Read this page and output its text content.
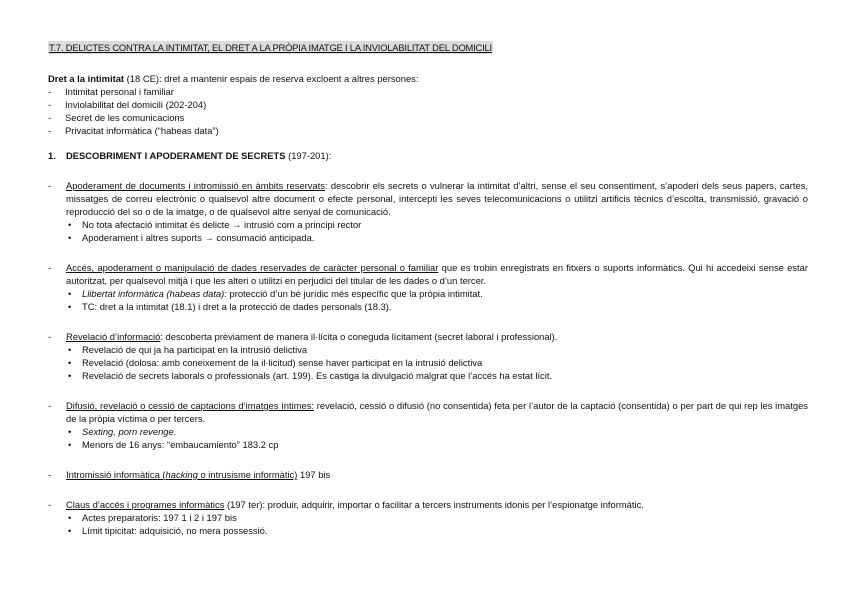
T.7. DELICTES CONTRA LA INTIMITAT, EL DRET A LA PRÒPIA IMATGE I LA INVIOLABILITAT DEL DOMICILI
Dret a la intimitat (18 CE): dret a mantenir espais de reserva excloent a altres persones:
- Intimitat personal i familiar
- Inviolabilitat del domicili (202-204)
- Secret de les comunicacions
- Privacitat informàtica (“habeas data”)
1. DESCOBRIMENT I APODERAMENT DE SECRETS (197-201):
- Apoderament de documents i intromissió en àmbits reservats: descobrir els secrets o vulnerar la intimitat d’altri, sense el seu consentiment, s’apoderi dels seus papers, cartes, missatges de correu electrònic o qualsevol altre document o efecte personal, intercepti les seves telecomunicacions o utilitzi artificis tècnics d’escolta, transmissió, gravació o reproducció del so o de la imatge, o de qualsevol altre senyal de comunicació.
• No tota afectació intimitat és delicte → intrusió com a principi rector
• Apoderament i altres suports → consumació anticipada.
- Accés, apoderament o manipulació de dades reservades de caràcter personal o familiar que es trobin enregistrats en fitxers o suports informàtics. Qui hi accedeixi sense estar autoritzat, per qualsevol mitjà i que les alteri o utilitzi en perjudici del titular de les dades o d’un tercer.
• Llibertat informàtica (habeas data): protecció d’un bé jurídic més específic que la pròpia intimitat.
• TC: dret a la intimitat (18.1) i dret a la protecció de dades personals (18.3).
- Revelació d’informació: descoberta prèviament de manera il·lícita o coneguda lícitament (secret laboral i professional).
• Revelació de qui ja ha participat en la intrusió delictiva
• Revelació (dolosa: amb coneixement de la il·licitud) sense haver participat en la intrusió delictiva
• Revelació de secrets laborals o professionals (art. 199). Es castiga la divulgació malgrat que l’accés ha estat lícit.
- Difusió, revelació o cessió de captacions d’imatges íntimes: revelació, cessió o difusió (no consentida) feta per l’autor de la captació (consentida) o per part de qui rep les imatges de la pròpia víctima o per tercers.
• Sexting, porn revenge.
• Menors de 16 anys: “embaucamiento” 183.2 cp
- Intromissió informàtica (hacking o intrusisme informàtic) 197 bis
- Claus d’accés i programes informàtics (197 ter): produir, adquirir, importar o facilitar a tercers instruments idonis per l’espionatge informàtic.
• Actes preparatoris: 197 1 i 2 i 197 bis
• Límit tipicitat: adquisició, no mera possessió.
